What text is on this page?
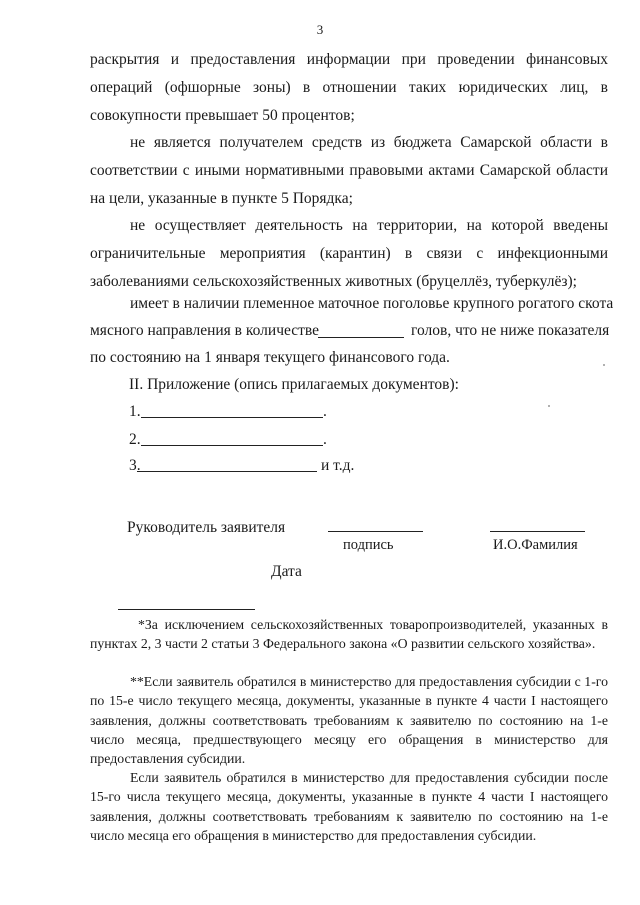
3
раскрытия и предоставления информации при проведении финансовых операций (офшорные зоны) в отношении таких юридических лиц, в совокупности превышает 50 процентов;
не является получателем средств из бюджета Самарской области в соответствии с иными нормативными правовыми актами Самарской области на цели, указанные в пункте 5 Порядка;
не осуществляет деятельность на территории, на которой введены ограничительные мероприятия (карантин) в связи с инфекционными заболеваниями сельскохозяйственных животных (бруцеллёз, туберкулёз);
имеет в наличии племенное маточное поголовье крупного рогатого скота
мясного направления в количестве	голов, что не ниже показателя
по состоянию на 1 января текущего финансового года.
II. Приложение (опись прилагаемых документов):
1.	.
2.	.
3.	и т.д.
Руководитель заявителя
подпись	И.О.Фамилия
Дата
*За исключением сельскохозяйственных товаропроизводителей, указанных в пунктах 2, 3 части 2 статьи 3 Федерального закона «О развитии сельского хозяйства».
**Если заявитель обратился в министерство для предоставления субсидии с 1-го по 15-е число текущего месяца, документы, указанные в пункте 4 части I настоящего заявления, должны соответствовать требованиям к заявителю по состоянию на 1-е число месяца, предшествующего месяцу его обращения в министерство для предоставления субсидии.
Если заявитель обратился в министерство для предоставления субсидии после 15-го числа текущего месяца, документы, указанные в пункте 4 части I настоящего заявления, должны соответствовать требованиям к заявителю по состоянию на 1-е число месяца его обращения в министерство для предоставления субсидии.
